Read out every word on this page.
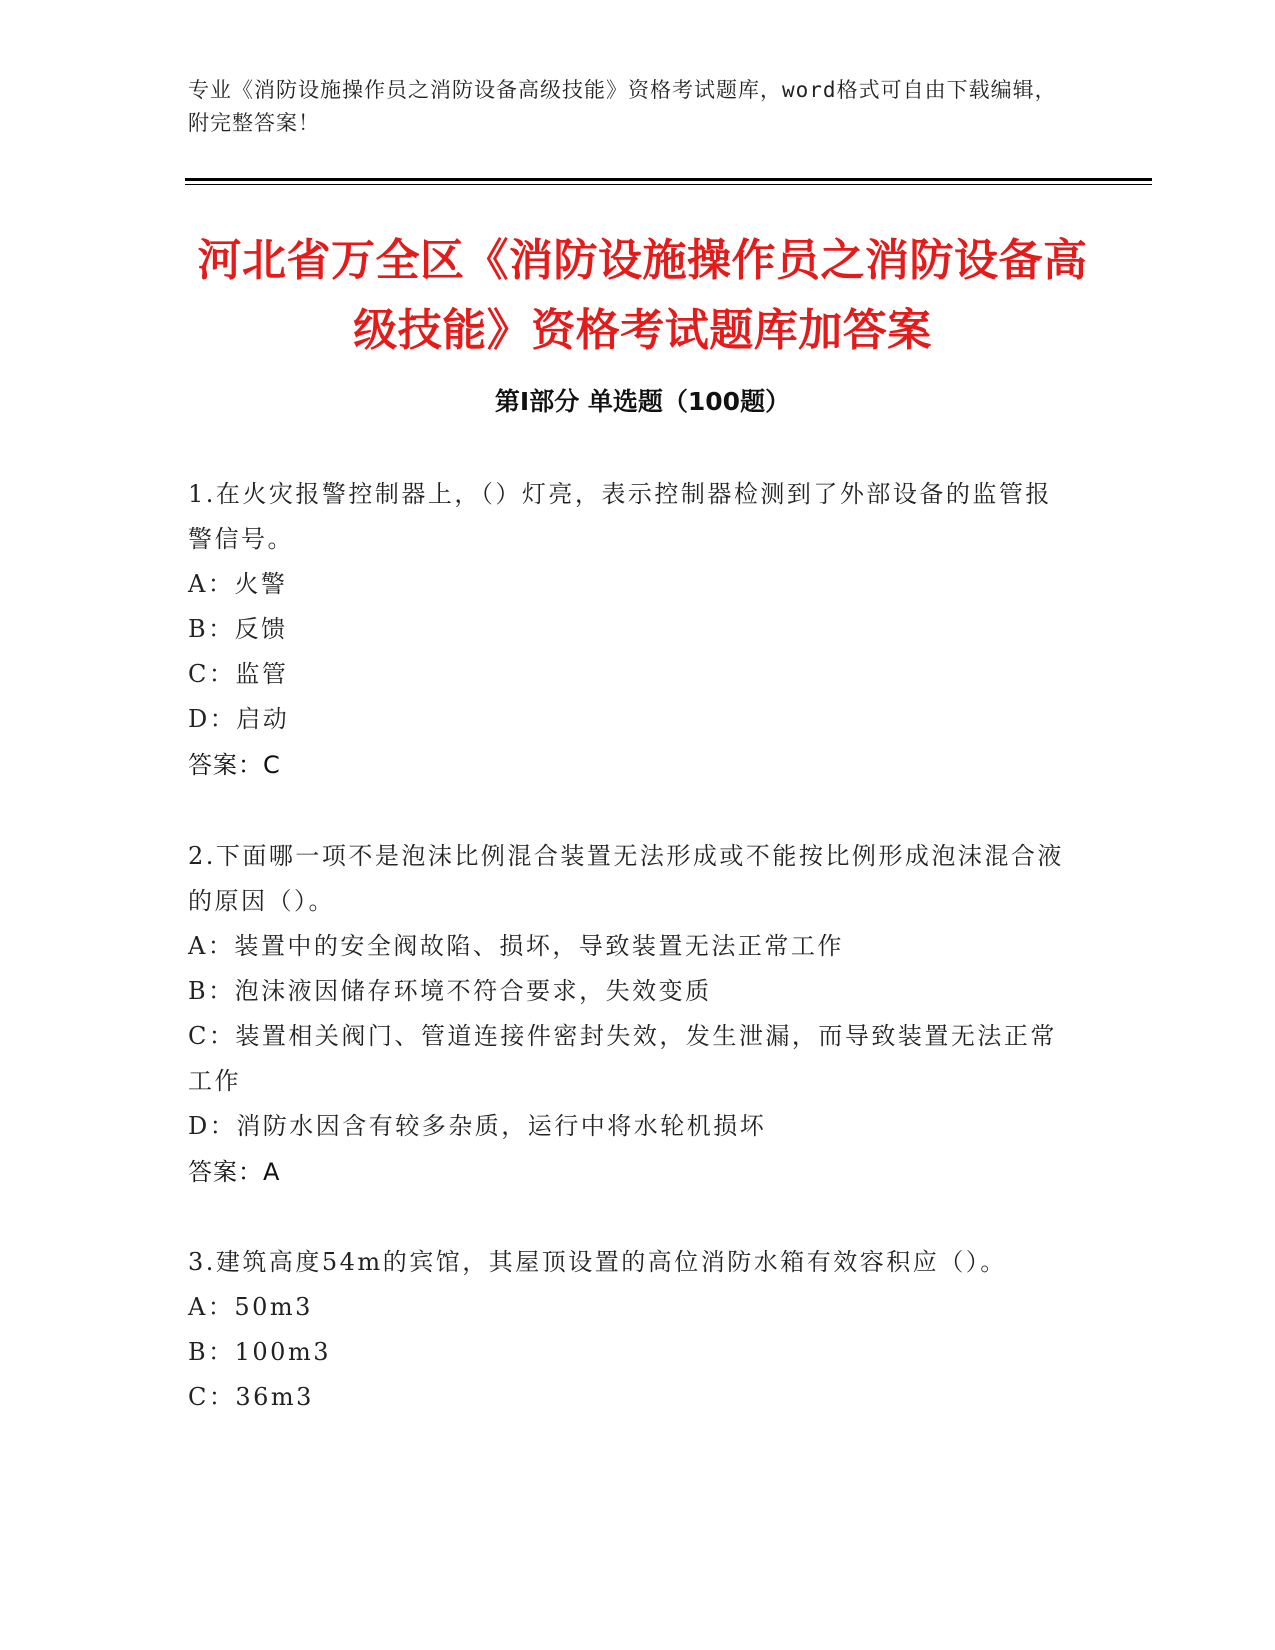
专业《消防设施操作员之消防设备高级技能》资格考试题库，word格式可自由下载编辑，附完整答案！
河北省万全区《消防设施操作员之消防设备高级技能》资格考试题库加答案
第Ⅰ部分 单选题（100题）
1.在火灾报警控制器上，（）灯亮，表示控制器检测到了外部设备的监管报警信号。
A：火警
B：反馈
C：监管
D：启动
答案：C
2.下面哪一项不是泡沫比例混合装置无法形成或不能按比例形成泡沫混合液的原因（）。
A：装置中的安全阀故陷、损坏，导致装置无法正常工作
B：泡沫液因储存环境不符合要求，失效变质
C：装置相关阀门、管道连接件密封失效，发生泄漏，而导致装置无法正常工作
D：消防水因含有较多杂质，运行中将水轮机损坏
答案：A
3.建筑高度54m的宾馆，其屋顶设置的高位消防水箱有效容积应（）。
A：50m3
B：100m3
C：36m3
